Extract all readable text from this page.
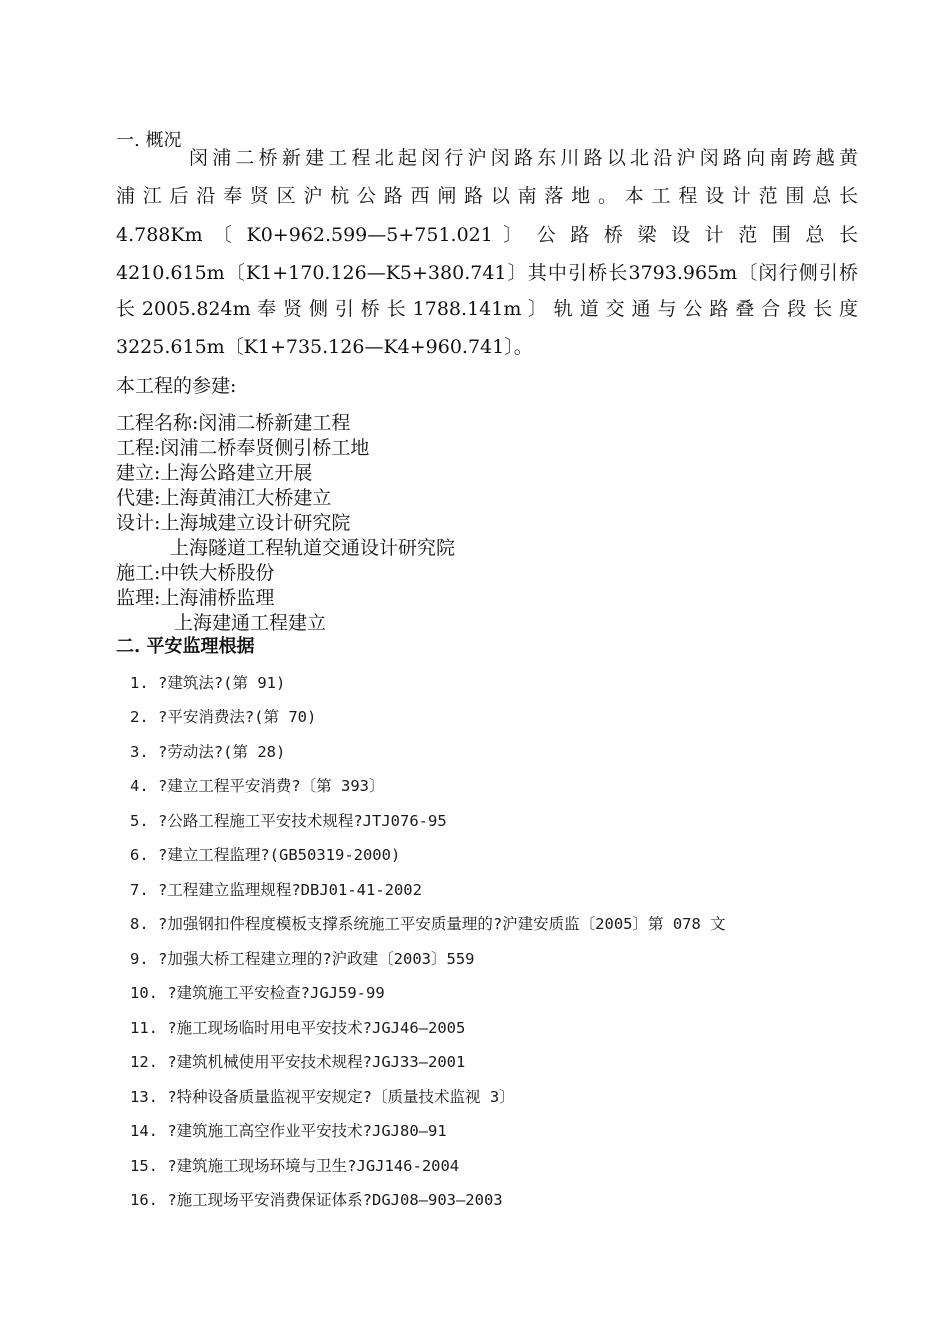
一. 概况
闵浦二桥新建工程北起闵行沪闵路东川路以北沿沪闵路向南跨越黄
浦江后沿奉贤区沪杭公路西闸路以南落地。本工程设计范围总长
4.788Km 〔 K0+962.599—5+751.021 〕 公 路 桥 梁 设 计 范 围 总 长
4210.615m〔K1+170.126—K5+380.741〕其中引桥长3793.965m〔闵行侧引桥
长 2005.824m 奉 贤 侧 引 桥 长 1788.141m 〕 轨 道 交 通 与 公 路 叠 合 段 长 度
3225.615m〔K1+735.126—K4+960.741〕。
本工程的参建:
工程名称:闵浦二桥新建工程
工程:闵浦二桥奉贤侧引桥工地
建立:上海公路建立开展
代建:上海黄浦江大桥建立
设计:上海城建立设计研究院
上海隧道工程轨道交通设计研究院
施工:中铁大桥股份
监理:上海浦桥监理
上海建通工程建立
二. 平安监理根据
1. ?建筑法?(第 91)
2. ?平安消费法?(第 70)
3. ?劳动法?(第 28)
4. ?建立工程平安消费?〔第 393〕
5. ?公路工程施工平安技术规程?JTJ076-95
6. ?建立工程监理?(GB50319-2000)
7. ?工程建立监理规程?DBJ01-41-2002
8. ?加强钢扣件程度模板支撑系统施工平安质量理的?沪建安质监〔2005〕第 078 文
9. ?加强大桥工程建立理的?沪政建〔2003〕559
10. ?建筑施工平安检查?JGJ59-99
11. ?施工现场临时用电平安技术?JGJ46—2005
12. ?建筑机械使用平安技术规程?JGJ33—2001
13. ?特种设备质量监视平安规定?〔质量技术监视 3〕
14. ?建筑施工高空作业平安技术?JGJ80—91
15. ?建筑施工现场环境与卫生?JGJ146-2004
16. ?施工现场平安消费保证体系?DGJ08—903—2003
